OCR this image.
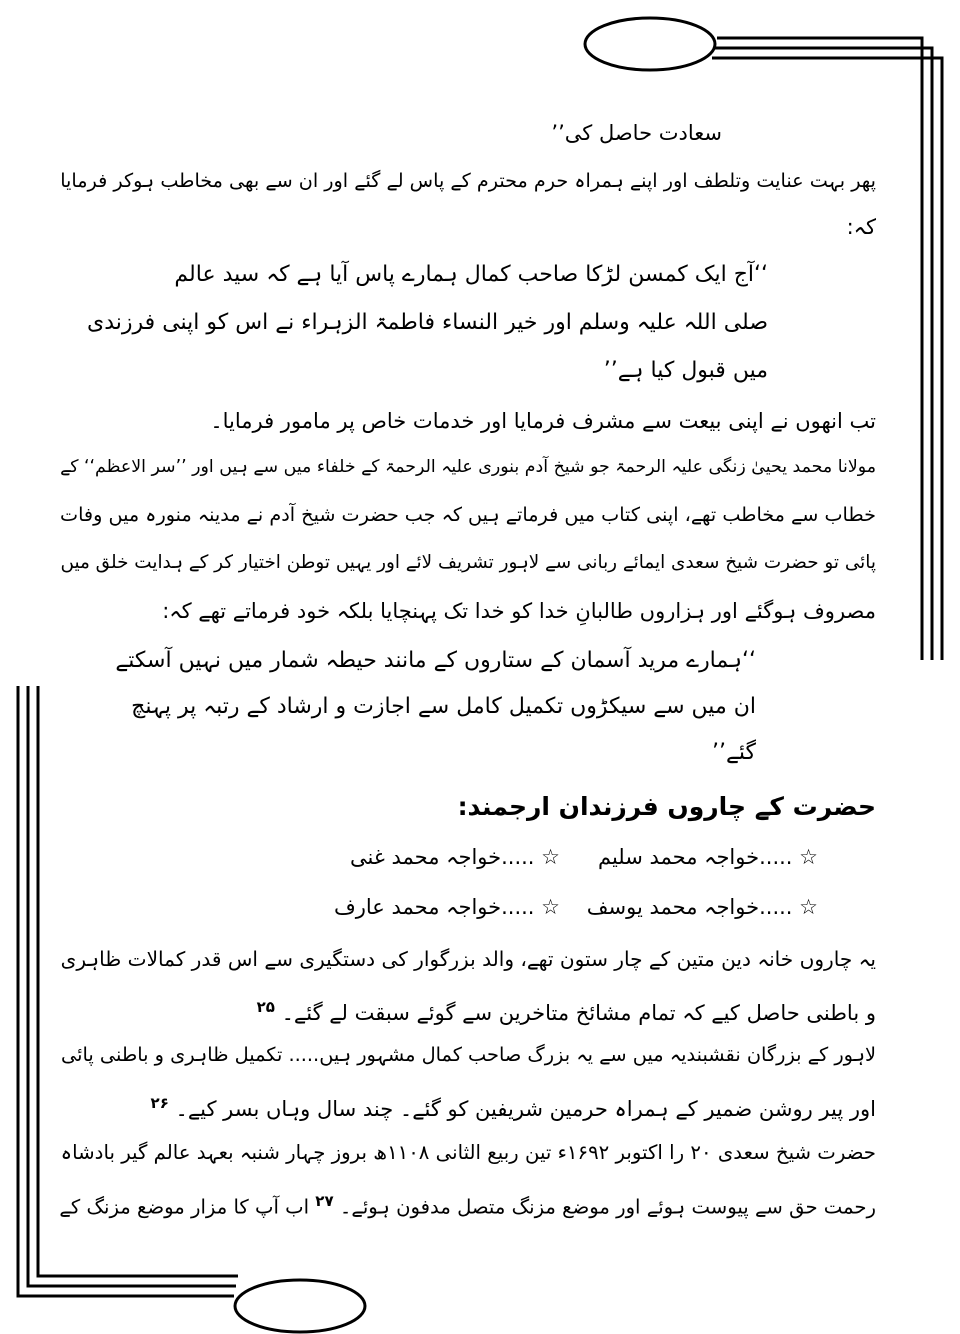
سعادت حاصل کی’’
پھر بہت عنایت وتلطف اور اپنے ہمراہ حرم محترم کے پاس لے گئے اور ان سے بھی مخاطب ہوکر فرمایا
کہ:
‘‘آج ایک کمسن لڑکا صاحب کمال ہمارے پاس آیا ہے کہ سید عالم
صلی اللہ علیہ وسلم اور خیر النساء فاطمۃ الزہراء نے اس کو اپنی فرزندی
میں قبول کیا ہے’’
تب انھوں نے اپنی بیعت سے مشرف فرمایا اور خدمات خاص پر مامور فرمایا۔
مولانا محمد یحییٰ زنگی علیہ الرحمۃ جو شیخ آدم بنوری علیہ الرحمۃ کے خلفاء میں سے ہیں اور ’’سر الاعظم‘‘ کے
خطاب سے مخاطب تھے، اپنی کتاب میں فرماتے ہیں کہ جب حضرت شیخ آدم نے مدینہ منورہ میں وفات
پائی تو حضرت شیخ سعدی ایمائے ربانی سے لاہور تشریف لائے اور یہیں توطن اختیار کر کے ہدایت خلق میں
مصروف ہوگئے اور ہزاروں طالبانِ خدا کو خدا تک پہنچایا بلکہ خود فرماتے تھے کہ:
‘‘ہمارے مرید آسمان کے ستاروں کے مانند حیطہ شمار میں نہیں آسکتے
ان میں سے سیکڑوں تکمیل کامل سے اجازت و ارشاد کے رتبہ پر پہنچ
گئے’’
حضرت کے چاروں فرزندان ارجمند:
☆ .....خواجہ محمد سلیم
☆ .....خواجہ محمد غنی
☆ .....خواجہ محمد یوسف
☆ .....خواجہ محمد عارف
یہ چاروں خانہ دین متین کے چار ستون تھے، والد بزرگوار کی دستگیری سے اس قدر کمالات ظاہری
و باطنی حاصل کیے کہ تمام مشائخ متاخرین سے گوئے سبقت لے گئے۔ $^{۲۵}$
لاہور کے بزرگان نقشبندیہ میں سے یہ بزرگ صاحب کمال مشہور ہیں..... تکمیل ظاہری و باطنی پائی
اور پیر روشن ضمیر کے ہمراہ حرمین شریفین کو گئے۔ چند سال وہاں بسر کیے۔ $^{۲۶}$
حضرت شیخ سعدی ۲۰ را اکتوبر ۱۶۹۲ء تین ربیع الثانی ۱۱۰۸ھ بروز چہار شنبہ بعہد عالم گیر بادشاہ
رحمت حق سے پیوست ہوئے اور موضع مزنگ متصل مدفون ہوئے۔ $^{۲۷}$ اب آپ کا مزار موضع مزنگ کے
